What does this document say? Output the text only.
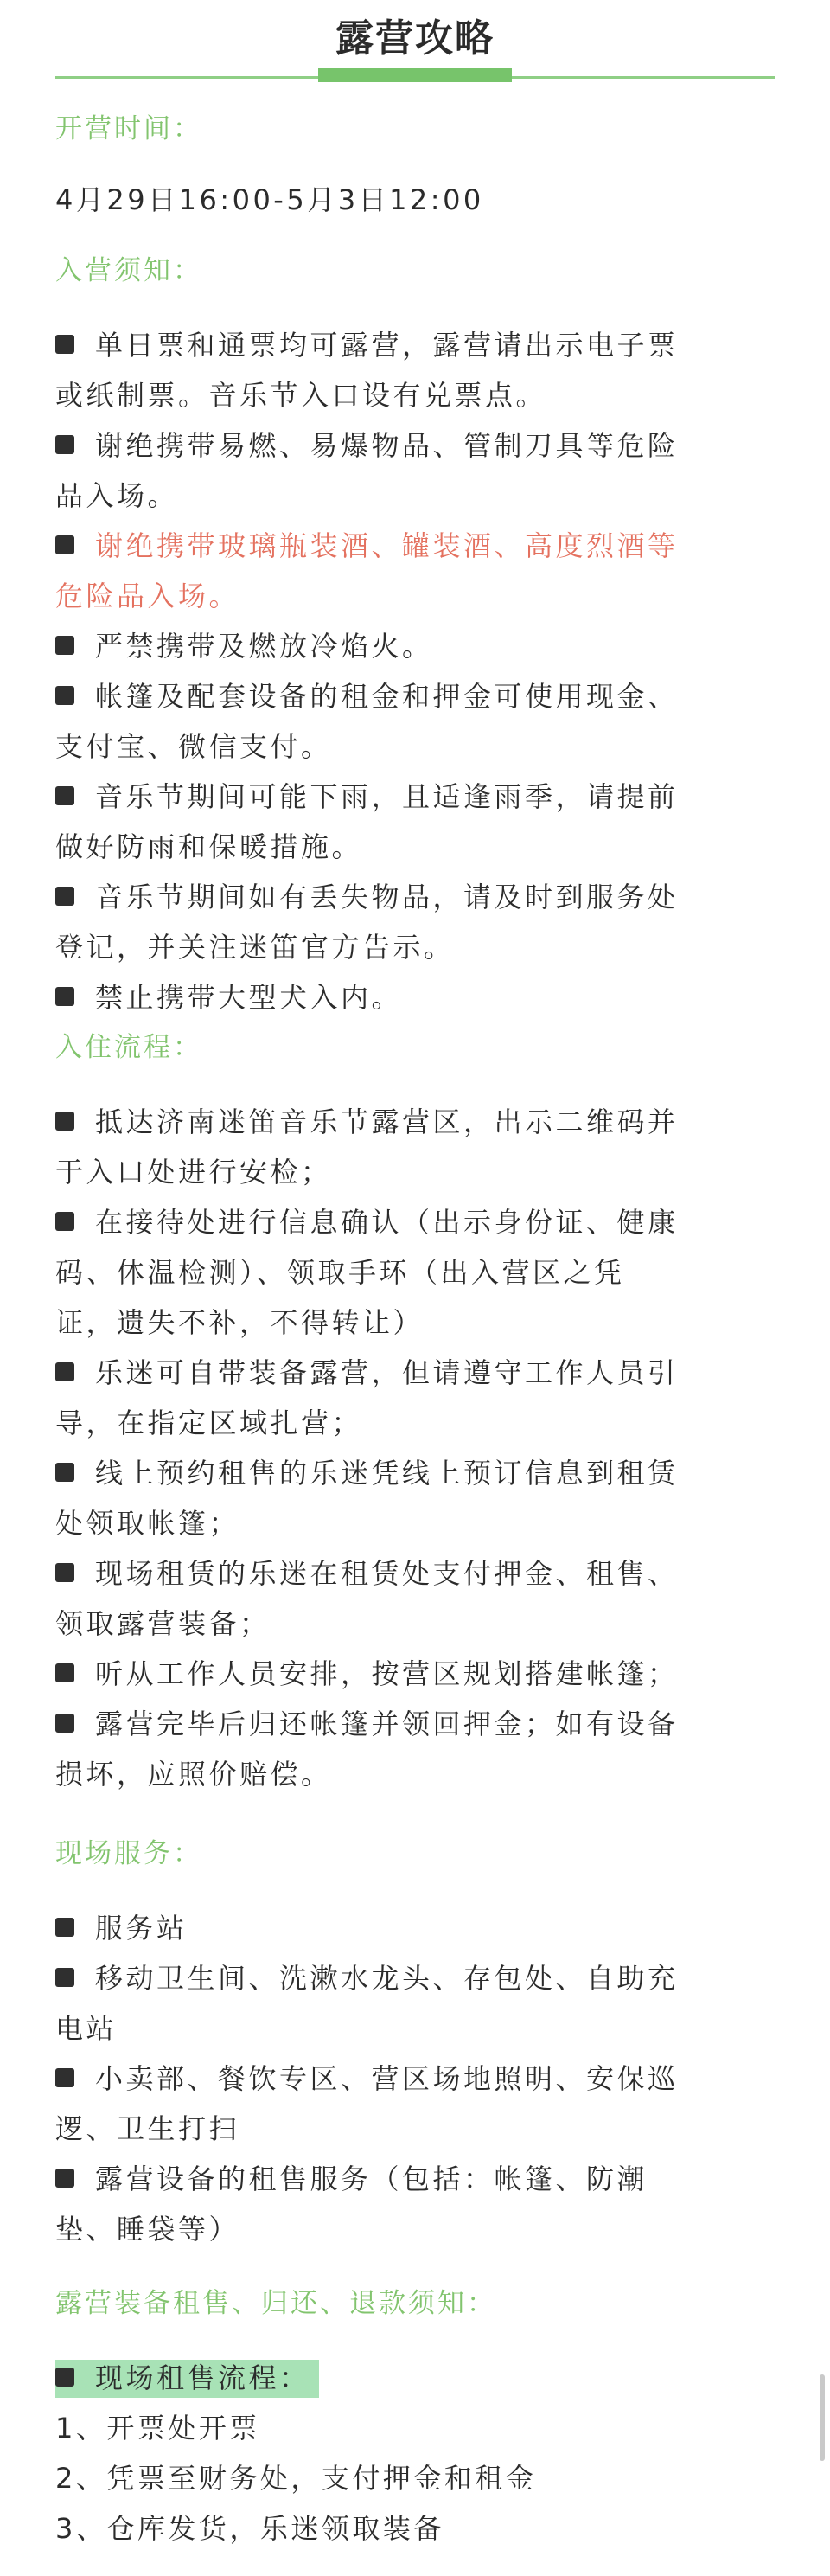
露营攻略
开营时间：
4月29日16:00-5月3日12:00
入营须知：
单日票和通票均可露营，露营请出示电子票
或纸制票。音乐节入口设有兑票点。
谢绝携带易燃、易爆物品、管制刀具等危险
品入场。
谢绝携带玻璃瓶装酒、罐装酒、高度烈酒等
危险品入场。
严禁携带及燃放冷焰火。
帐篷及配套设备的租金和押金可使用现金、
支付宝、微信支付。
音乐节期间可能下雨，且适逢雨季，请提前
做好防雨和保暖措施。
音乐节期间如有丢失物品，请及时到服务处
登记，并关注迷笛官方告示。
禁止携带大型犬入内。
入住流程：
抵达济南迷笛音乐节露营区，出示二维码并
于入口处进行安检；
在接待处进行信息确认（出示身份证、健康
码、体温检测）、领取手环（出入营区之凭
证，遗失不补，不得转让）
乐迷可自带装备露营，但请遵守工作人员引
导，在指定区域扎营；
线上预约租售的乐迷凭线上预订信息到租赁
处领取帐篷；
现场租赁的乐迷在租赁处支付押金、租售、
领取露营装备；
听从工作人员安排，按营区规划搭建帐篷；
露营完毕后归还帐篷并领回押金；如有设备
损坏，应照价赔偿。
现场服务：
服务站
移动卫生间、洗漱水龙头、存包处、自助充
电站
小卖部、餐饮专区、营区场地照明、安保巡
逻、卫生打扫
露营设备的租售服务（包括：帐篷、防潮
垫、睡袋等）
露营装备租售、归还、退款须知：
现场租售流程：
1、开票处开票
2、凭票至财务处，支付押金和租金
3、仓库发货，乐迷领取装备
